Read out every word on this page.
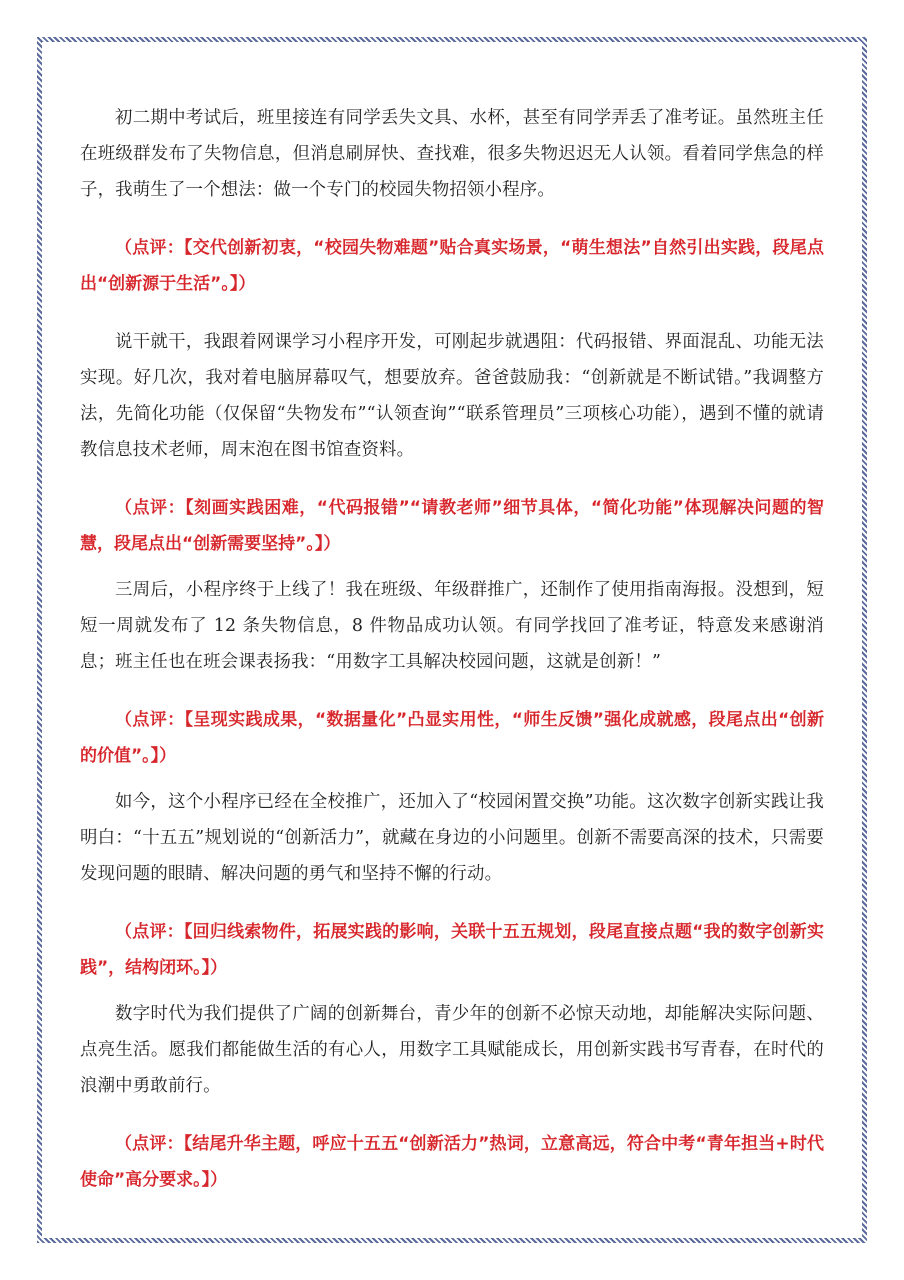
初二期中考试后，班里接连有同学丢失文具、水杯，甚至有同学弄丢了准考证。虽然班主任在班级群发布了失物信息，但消息刷屏快、查找难，很多失物迟迟无人认领。看着同学焦急的样子，我萌生了一个想法：做一个专门的校园失物招领小程序。

（点评：【交代创新初衷，“校园失物难题”贴合真实场景，“萌生想法”自然引出实践，段尾点出“创新源于生活”。】）

说干就干，我跟着网课学习小程序开发，可刚起步就遇阻：代码报错、界面混乱、功能无法实现。好几次，我对着电脑屏幕叹气，想要放弃。爸爸鼓励我：“创新就是不断试错。”我调整方法，先简化功能（仅保留“失物发布”“认领查询”“联系管理员”三项核心功能），遇到不懂的就请教信息技术老师，周末泡在图书馆查资料。

（点评：【刻画实践困难，“代码报错”“请教老师”细节具体，“简化功能”体现解决问题的智慧，段尾点出“创新需要坚持”。】）

三周后，小程序终于上线了！我在班级、年级群推广，还制作了使用指南海报。没想到，短短一周就发布了 12 条失物信息，8 件物品成功认领。有同学找回了准考证，特意发来感谢消息；班主任也在班会课表扬我：“用数字工具解决校园问题，这就是创新！”

（点评：【呈现实践成果，“数据量化”凸显实用性，“师生反馈”强化成就感，段尾点出“创新的价值”。】）

如今，这个小程序已经在全校推广，还加入了“校园闲置交换”功能。这次数字创新实践让我明白：“十五五”规划说的“创新活力”，就藏在身边的小问题里。创新不需要高深的技术，只需要发现问题的眼睛、解决问题的勇气和坚持不懈的行动。

（点评：【回归线索物件，拓展实践的影响，关联十五五规划，段尾直接点题“我的数字创新实践”，结构闭环。】）

数字时代为我们提供了广阔的创新舞台，青少年的创新不必惊天动地，却能解决实际问题、点亮生活。愿我们都能做生活的有心人，用数字工具赋能成长，用创新实践书写青春，在时代的浪潮中勇敢前行。

（点评：【结尾升华主题，呼应十五五“创新活力”热词，立意高远，符合中考“青年担当+时代使命”高分要求。】）
